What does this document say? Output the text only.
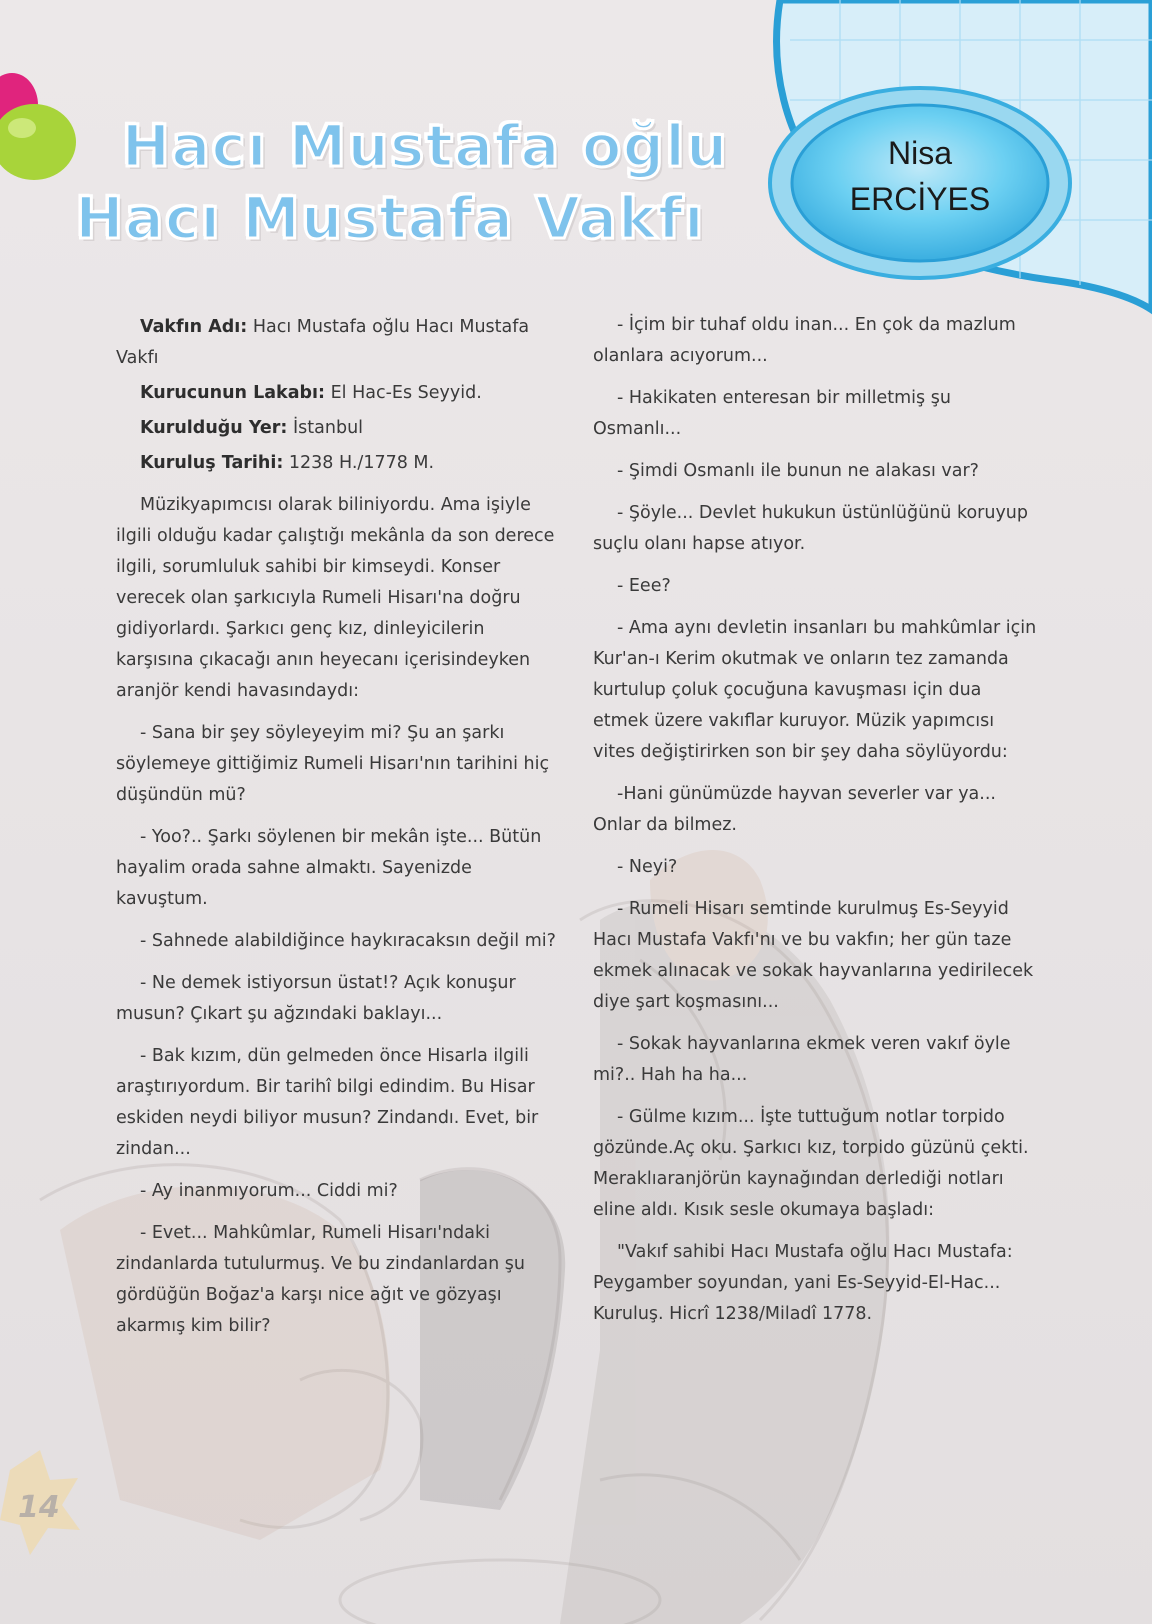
Hacı Mustafa oğlu
Hacı Mustafa Vakfı
Nisa
ERCİYES

Vakfın Adı: Hacı Mustafa oğlu Hacı Mustafa Vakfı

Kurucunun Lakabı: El Hac-Es Seyyid.

Kurulduğu Yer: İstanbul

Kuruluş Tarihi: 1238 H./1778 M.

Müzikyapımcısı olarak biliniyordu. Ama işiyle ilgili olduğu kadar çalıştığı mekânla da son derece ilgili, sorumluluk sahibi bir kimseydi. Konser verecek olan şarkıcıyla Rumeli Hisarı'na doğru gidiyorlardı. Şarkıcı genç kız, dinleyicilerin karşısına çıkacağı anın heyecanı içerisindeyken aranjör kendi havasındaydı:

- Sana bir şey söyleyeyim mi? Şu an şarkı söylemeye gittiğimiz Rumeli Hisarı'nın tarihini hiç düşündün mü?

- Yoo?.. Şarkı söylenen bir mekân işte... Bütün hayalim orada sahne almaktı. Sayenizde kavuştum.

- Sahnede alabildiğince haykıracaksın değil mi?

- Ne demek istiyorsun üstat!? Açık konuşur musun? Çıkart şu ağzındaki baklayı...

- Bak kızım, dün gelmeden önce Hisarla ilgili araştırıyordum. Bir tarihî bilgi edindim. Bu Hisar eskiden neydi biliyor musun? Zindandı. Evet, bir zindan...

- Ay inanmıyorum... Ciddi mi?

- Evet... Mahkûmlar, Rumeli Hisarı'ndaki zindanlarda tutulurmuş. Ve bu zindanlardan şu gördüğün Boğaz'a karşı nice ağıt ve gözyaşı akarmış kim bilir?

- İçim bir tuhaf oldu inan... En çok da mazlum olanlara acıyorum...

- Hakikaten enteresan bir milletmiş şu Osmanlı...

- Şimdi Osmanlı ile bunun ne alakası var?

- Şöyle... Devlet hukukun üstünlüğünü koruyup suçlu olanı hapse atıyor.

- Eee?

- Ama aynı devletin insanları bu mahkûmlar için Kur'an-ı Kerim okutmak ve onların tez zamanda kurtulup çoluk çocuğuna kavuşması için dua etmek üzere vakıflar kuruyor. Müzik yapımcısı vites değiştirirken son bir şey daha söylüyordu:

-Hani günümüzde hayvan severler var ya... Onlar da bilmez.

- Neyi?

- Rumeli Hisarı semtinde kurulmuş Es-Seyyid Hacı Mustafa Vakfı'nı ve bu vakfın; her gün taze ekmek alınacak ve sokak hayvanlarına yedirilecek diye şart koşmasını...

- Sokak hayvanlarına ekmek veren vakıf öyle mi?.. Hah ha ha...

- Gülme kızım... İşte tuttuğum notlar torpido gözünde.Aç oku. Şarkıcı kız, torpido güzünü çekti. Meraklıaranjörün kaynağından derlediği notları eline aldı. Kısık sesle okumaya başladı:

"Vakıf sahibi Hacı Mustafa oğlu Hacı Mustafa: Peygamber soyundan, yani Es-Seyyid-El-Hac... Kuruluş. Hicrî 1238/Miladî 1778.

14
